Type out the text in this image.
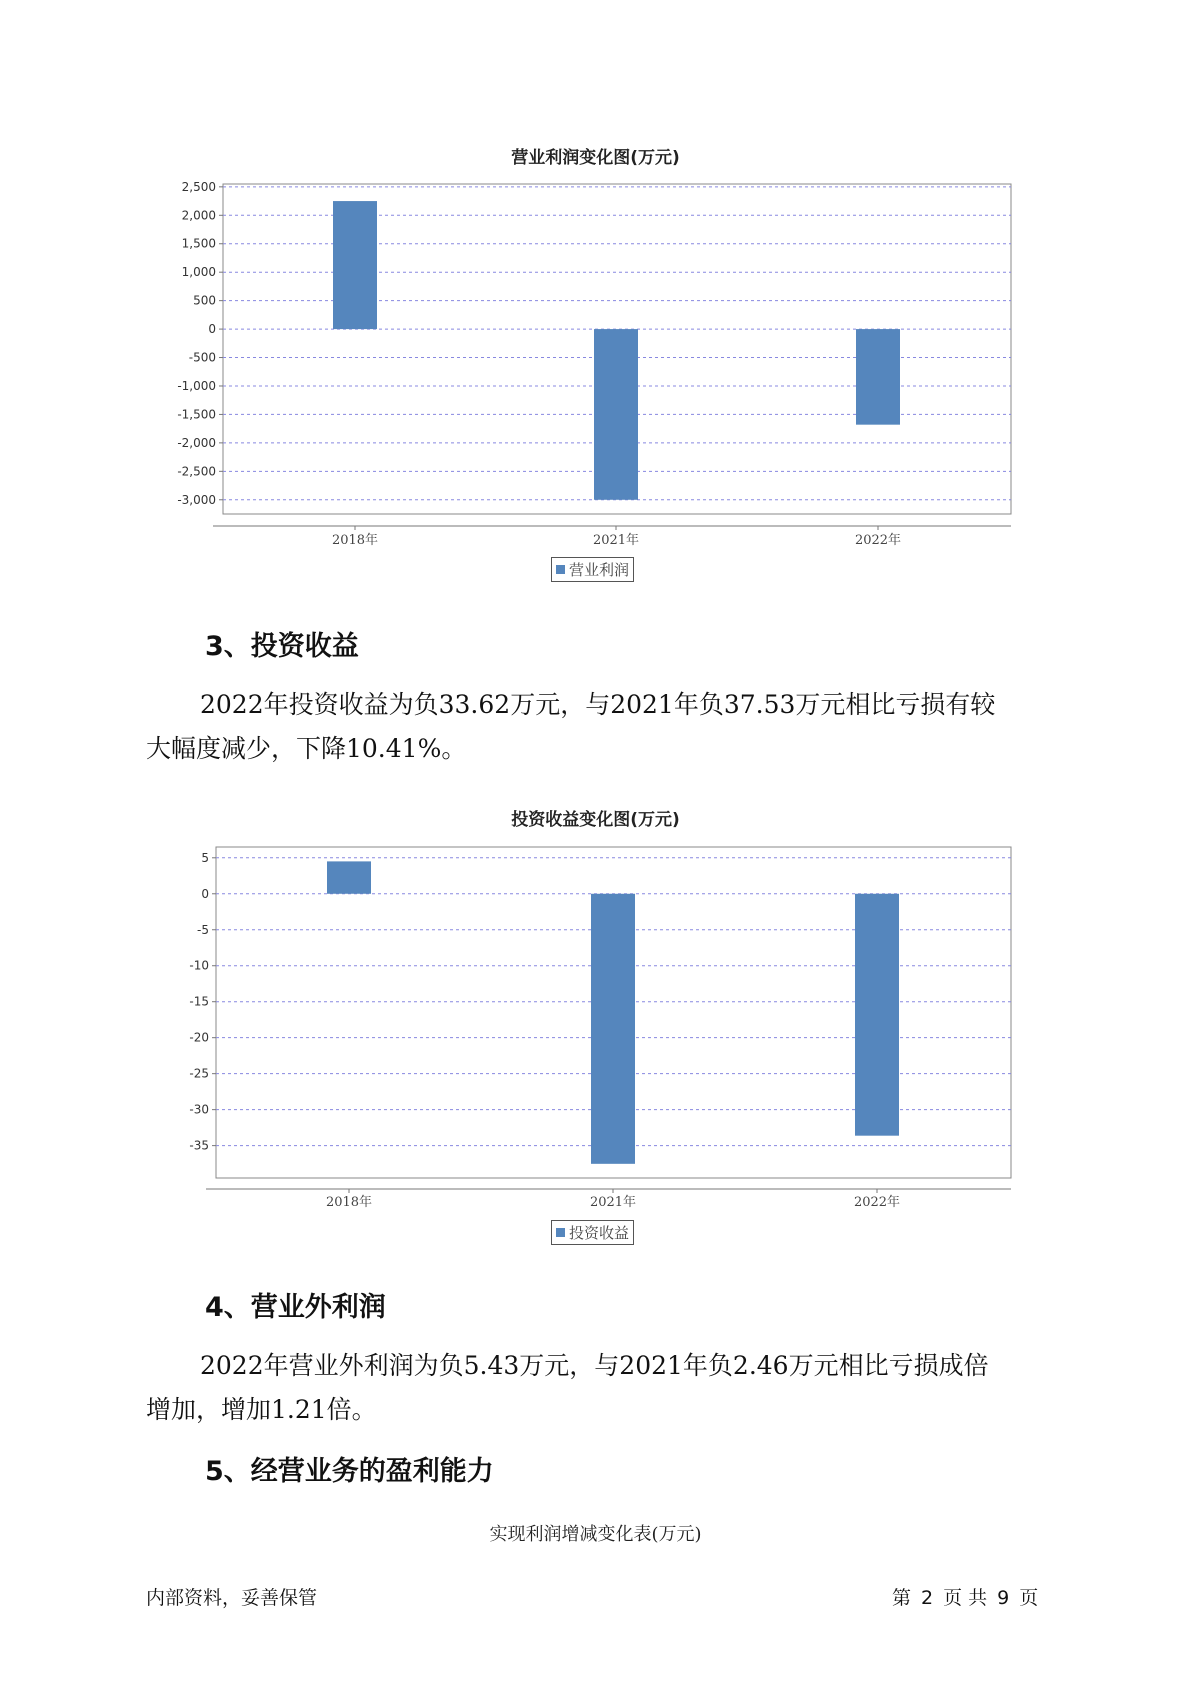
营业利润变化图(万元)
2,500
2,000
1,500
1,000
500
0
-500
-1,000
-1,500
-2,000
-2,500
-3,000
2018年	2021年	2022年
营业利润
3、投资收益
2022年投资收益为负33.62万元，与2021年负37.53万元相比亏损有较
大幅度减少，下降10.41%。
投资收益变化图(万元)
5
0
-5
-10
-15
-20
-25
-30
-35
2018年	2021年	2022年
投资收益
4、营业外利润
2022年营业外利润为负5.43万元，与2021年负2.46万元相比亏损成倍
增加，增加1.21倍。
5、经营业务的盈利能力
实现利润增减变化表(万元)
内部资料，妥善保管	第 2 页 共 9 页
